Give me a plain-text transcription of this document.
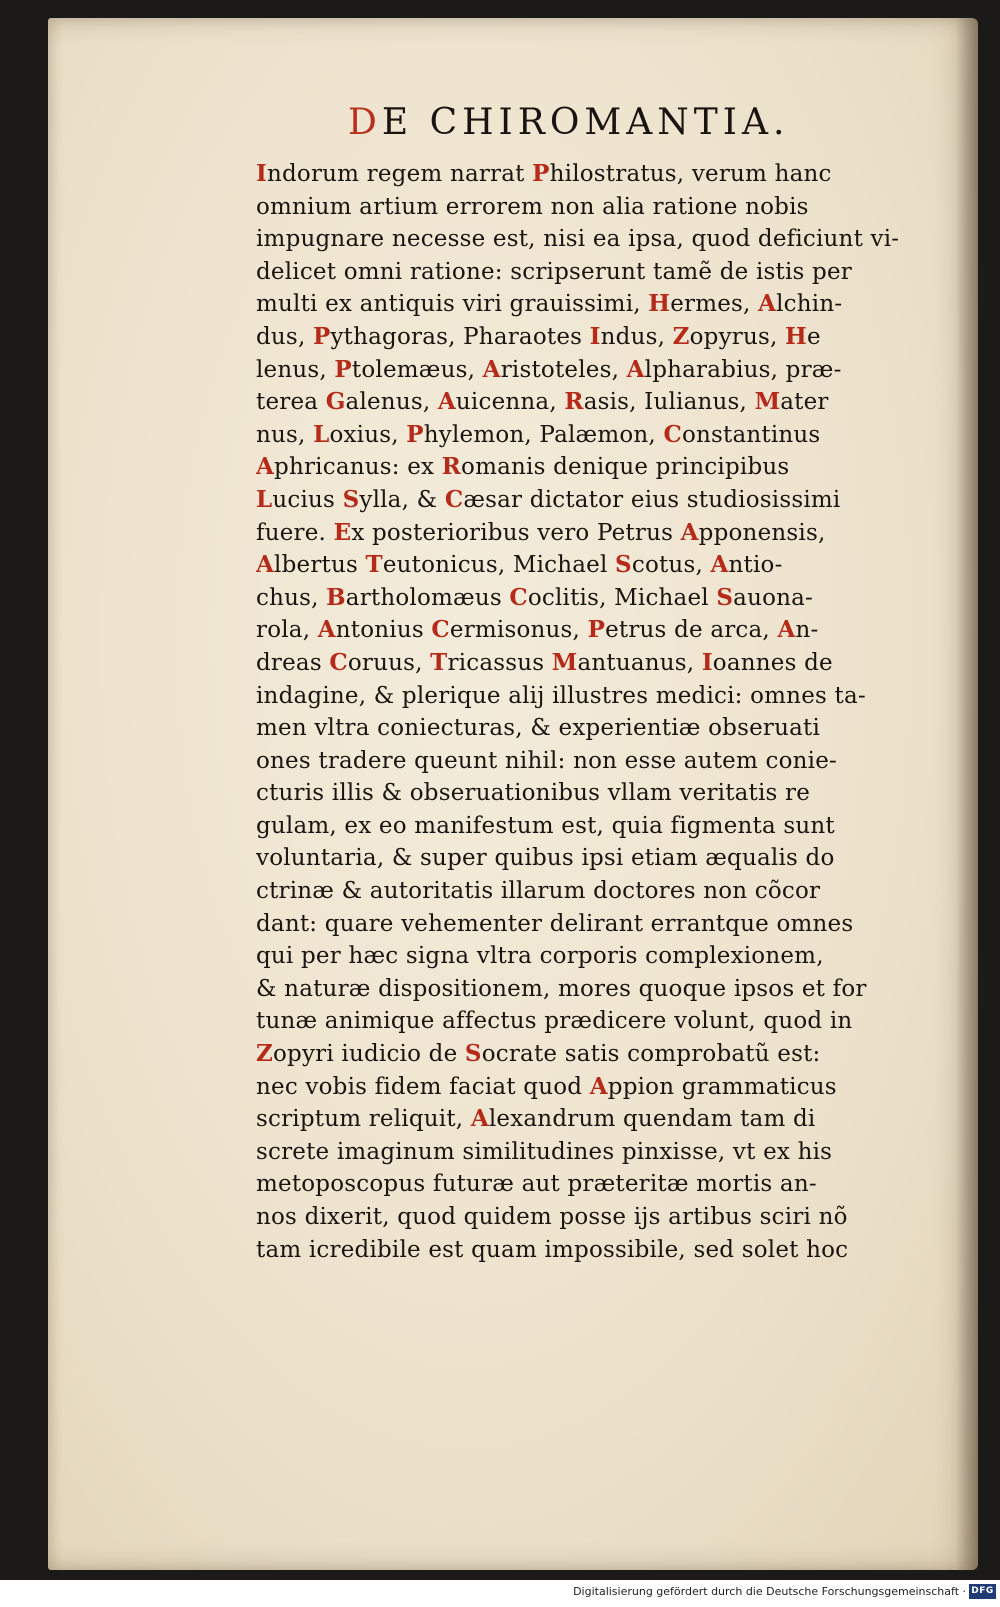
DE CHIROMANTIA.
Indorum regem narrat Philostratus, verum hanc
omnium artium errorem non alia ratione nobis
impugnare necesse est, nisi ea ipsa, quod deficiunt vi-
delicet omni ratione: scripserunt tamẽ de istis per
multi ex antiquis viri grauissimi, Hermes, Alchin-
dus, Pythagoras, Pharaotes Indus, Zopyrus, He
lenus, Ptolemæus, Aristoteles, Alpharabius, præ-
terea Galenus, Auicenna, Rasis, Iulianus, Mater
nus, Loxius, Phylemon, Palæmon, Constantinus
Aphricanus: ex Romanis denique principibus
Lucius Sylla, & Cæsar dictator eius studiosissimi
fuere. Ex posterioribus vero Petrus Apponensis,
Albertus Teutonicus, Michael Scotus, Antio-
chus, Bartholomæus Coclitis, Michael Sauona-
rola, Antonius Cermisonus, Petrus de arca, An-
dreas Coruus, Tricassus Mantuanus, Ioannes de
indagine, & plerique alij illustres medici: omnes ta-
men vltra coniecturas, & experientiæ obseruati
ones tradere queunt nihil: non esse autem conie-
cturis illis & obseruationibus vllam veritatis re
gulam, ex eo manifestum est, quia figmenta sunt
voluntaria, & super quibus ipsi etiam æqualis do
ctrinæ & autoritatis illarum doctores non cõcor
dant: quare vehementer delirant errantque omnes
qui per hæc signa vltra corporis complexionem,
& naturæ dispositionem, mores quoque ipsos et for
tunæ animique affectus prædicere volunt, quod in
Zopyri iudicio de Socrate satis comprobatũ est:
nec vobis fidem faciat quod Appion grammaticus
scriptum reliquit, Alexandrum quendam tam di
screte imaginum similitudines pinxisse, vt ex his
metoposcopus futuræ aut præteritæ mortis an-
nos dixerit, quod quidem posse ijs artibus sciri nõ
tam icredibile est quam impossibile, sed solet hoc
Digitalisierung gefördert durch die Deutsche Forschungsgemeinschaft · DFG
